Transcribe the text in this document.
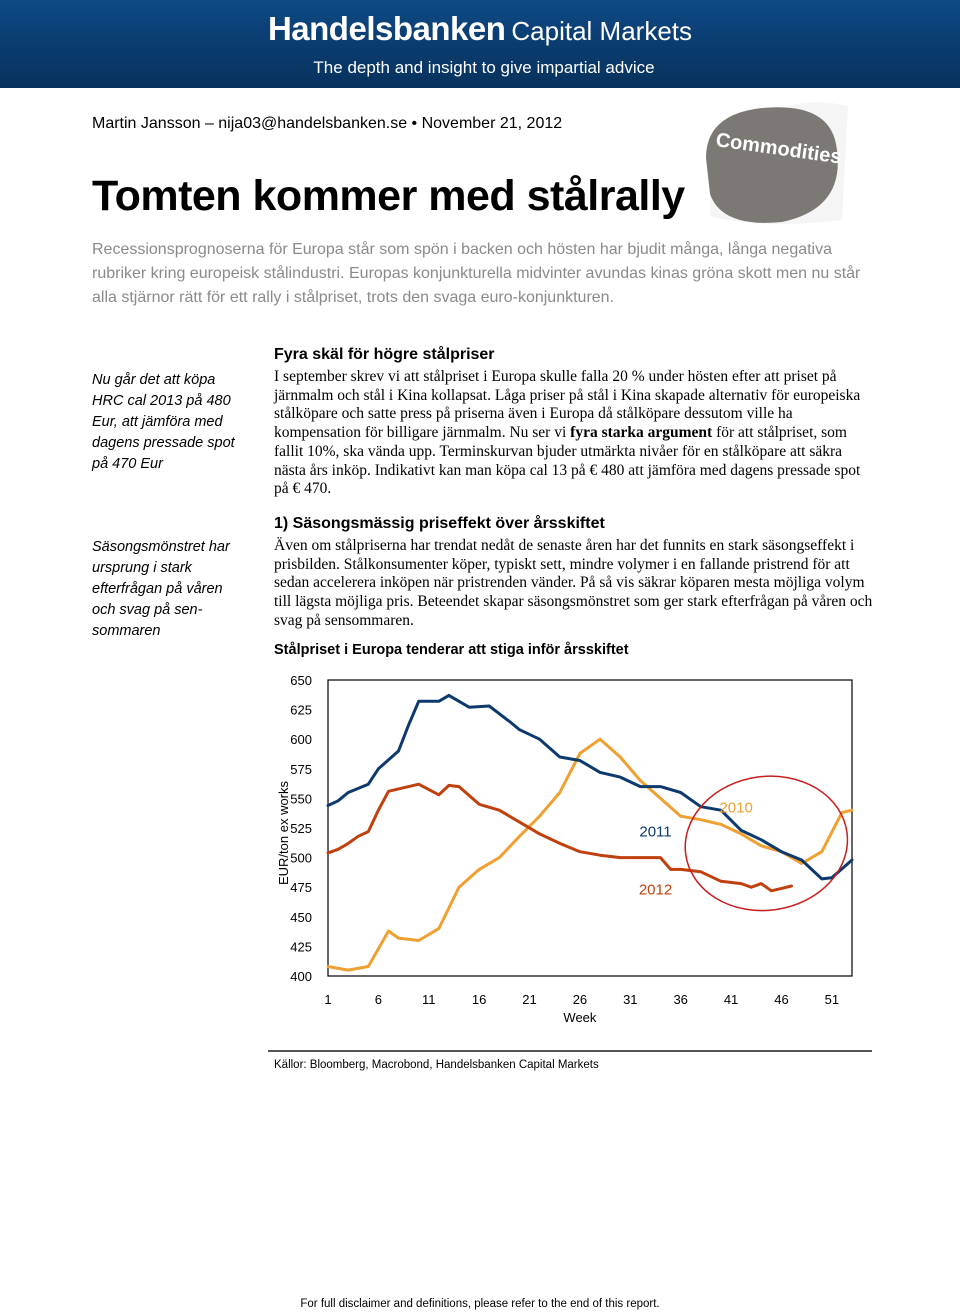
Handelsbanken Capital Markets
The depth and insight to give impartial advice
Martin Jansson – nija03@handelsbanken.se • November 21, 2012
Commodities
Tomten kommer med stålrally
Recessionsprognoserna för Europa står som spön i backen och hösten har bjudit många, långa negativa rubriker kring europeisk stålindustri. Europas konjunkturella midvinter avundas kinas gröna skott men nu står alla stjärnor rätt för ett rally i stålpriset, trots den svaga euro-konjunkturen.
Nu går det att köpa HRC cal 2013 på 480 Eur, att jämföra med dagens pressade spot på 470 Eur
Säsongsmönstret har ursprung i stark efterfrågan på våren och svag på sen-sommaren
Fyra skäl för högre stålpriser
I september skrev vi att stålpriset i Europa skulle falla 20 % under hösten efter att priset på järnmalm och stål i Kina kollapsat. Låga priser på stål i Kina skapade alternativ för europeiska stålköpare och satte press på priserna även i Europa då stålköpare dessutom ville ha kompensation för billigare järnmalm. Nu ser vi fyra starka argument för att stålpriset, som fallit 10%, ska vända upp. Terminskurvan bjuder utmärkta nivåer för en stålköpare att säkra nästa års inköp. Indikativt kan man köpa cal 13 på € 480 att jämföra med dagens pressade spot på € 470.
1) Säsongsmässig priseffekt över årsskiftet
Även om stålpriserna har trendat nedåt de senaste åren har det funnits en stark säsongseffekt i prisbilden. Stålkonsumenter köper, typiskt sett, mindre volymer i en fallande pristrend för att sedan accelerera inköpen när pristrenden vänder. På så vis säkrar köparen mesta möjliga volym till lägsta möjliga pris. Beteendet skapar säsongsmönstret som ger stark efterfrågan på våren och svag på sensommaren.
Stålpriset i Europa tenderar att stiga inför årsskiftet
400
425
450
475
500
525
550
575
600
625
650
1	6	11	16	21	26	31	36	41	46	51
2010
2011
2012
EUR/ton ex works
Week
Källor: Bloomberg, Macrobond, Handelsbanken Capital Markets
For full disclaimer and definitions, please refer to the end of this report.
